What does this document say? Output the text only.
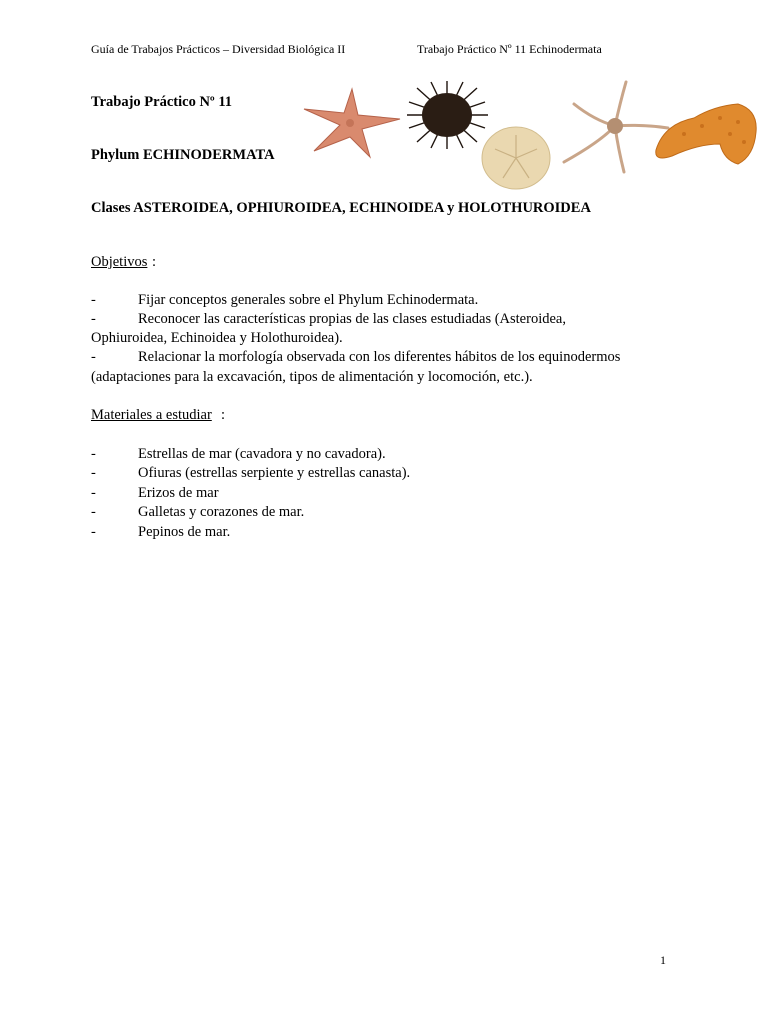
Guía de Trabajos Prácticos – Diversidad Biológica II	Trabajo Práctico Nº 11 Echinodermata
Trabajo Práctico Nº 11
Phylum ECHINODERMATA
Clases ASTEROIDEA, OPHIUROIDEA, ECHINOIDEA y HOLOTHUROIDEA
Objetivos :
-	Fijar conceptos generales sobre el Phylum Echinodermata.
-	Reconocer las características propias de las clases estudiadas (Asteroidea,
Ophiuroidea, Echinoidea y Holothuroidea).
-	Relacionar la morfología observada con los diferentes hábitos de los equinodermos
(adaptaciones para la excavación, tipos de alimentación y locomoción, etc.).
Materiales a estudiar :
-	Estrellas de mar (cavadora y no cavadora).
-	Ofiuras (estrellas serpiente y estrellas canasta).
-	Erizos de mar
-	Galletas y corazones de mar.
-	Pepinos de mar.
1
